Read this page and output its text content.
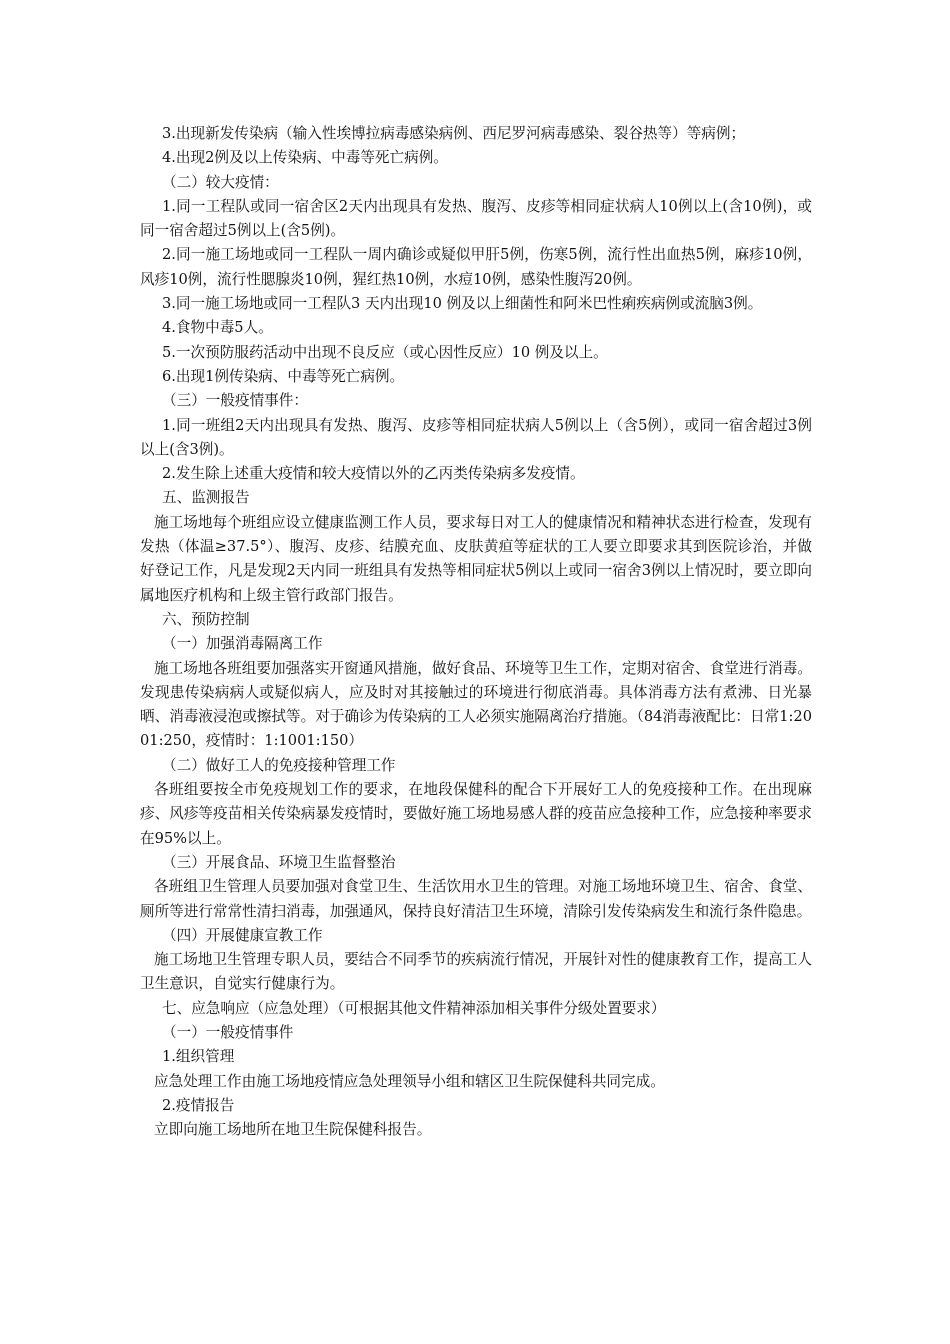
3.出现新发传染病（输入性埃博拉病毒感染病例、西尼罗河病毒感染、裂谷热等）等病例；

4.出现2例及以上传染病、中毒等死亡病例。

（二）较大疫情：

1.同一工程队或同一宿舍区2天内出现具有发热、腹泻、皮疹等相同症状病人10例以上(含10例)，或同一宿舍超过5例以上(含5例)。

2.同一施工场地或同一工程队一周内确诊或疑似甲肝5例，伤寒5例，流行性出血热5例，麻疹10例，风疹10例，流行性腮腺炎10例，猩红热10例，水痘10例，感染性腹泻20例。

3.同一施工场地或同一工程队3 天内出现10 例及以上细菌性和阿米巴性痢疾病例或流脑3例。

4.食物中毒5人。

5.一次预防服药活动中出现不良反应（或心因性反应）10 例及以上。

6.出现1例传染病、中毒等死亡病例。

（三）一般疫情事件：

1.同一班组2天内出现具有发热、腹泻、皮疹等相同症状病人5例以上（含5例），或同一宿舍超过3例以上(含3例)。

2.发生除上述重大疫情和较大疫情以外的乙丙类传染病多发疫情。

五、监测报告

施工场地每个班组应设立健康监测工作人员，要求每日对工人的健康情况和精神状态进行检查，发现有发热（体温≥37.5°）、腹泻、皮疹、结膜充血、皮肤黄疸等症状的工人要立即要求其到医院诊治，并做好登记工作，凡是发现2天内同一班组具有发热等相同症状5例以上或同一宿舍3例以上情况时，要立即向属地医疗机构和上级主管行政部门报告。

六、预防控制

（一）加强消毒隔离工作

施工场地各班组要加强落实开窗通风措施，做好食品、环境等卫生工作，定期对宿舍、食堂进行消毒。发现患传染病病人或疑似病人，应及时对其接触过的环境进行彻底消毒。具体消毒方法有煮沸、日光暴晒、消毒液浸泡或擦拭等。对于确诊为传染病的工人必须实施隔离治疗措施。（84消毒液配比：日常1:2001:250，疫情时：1:1001:150）

（二）做好工人的免疫接种管理工作

各班组要按全市免疫规划工作的要求，在地段保健科的配合下开展好工人的免疫接种工作。在出现麻疹、风疹等疫苗相关传染病暴发疫情时，要做好施工场地易感人群的疫苗应急接种工作，应急接种率要求在95%以上。

（三）开展食品、环境卫生监督整治

各班组卫生管理人员要加强对食堂卫生、生活饮用水卫生的管理。对施工场地环境卫生、宿舍、食堂、厕所等进行常常性清扫消毒，加强通风，保持良好清洁卫生环境，清除引发传染病发生和流行条件隐患。

（四）开展健康宣教工作

施工场地卫生管理专职人员，要结合不同季节的疾病流行情况，开展针对性的健康教育工作，提高工人卫生意识，自觉实行健康行为。

七、应急响应（应急处理）（可根据其他文件精神添加相关事件分级处置要求）

（一）一般疫情事件

1.组织管理

应急处理工作由施工场地疫情应急处理领导小组和辖区卫生院保健科共同完成。

2.疫情报告

立即向施工场地所在地卫生院保健科报告。
